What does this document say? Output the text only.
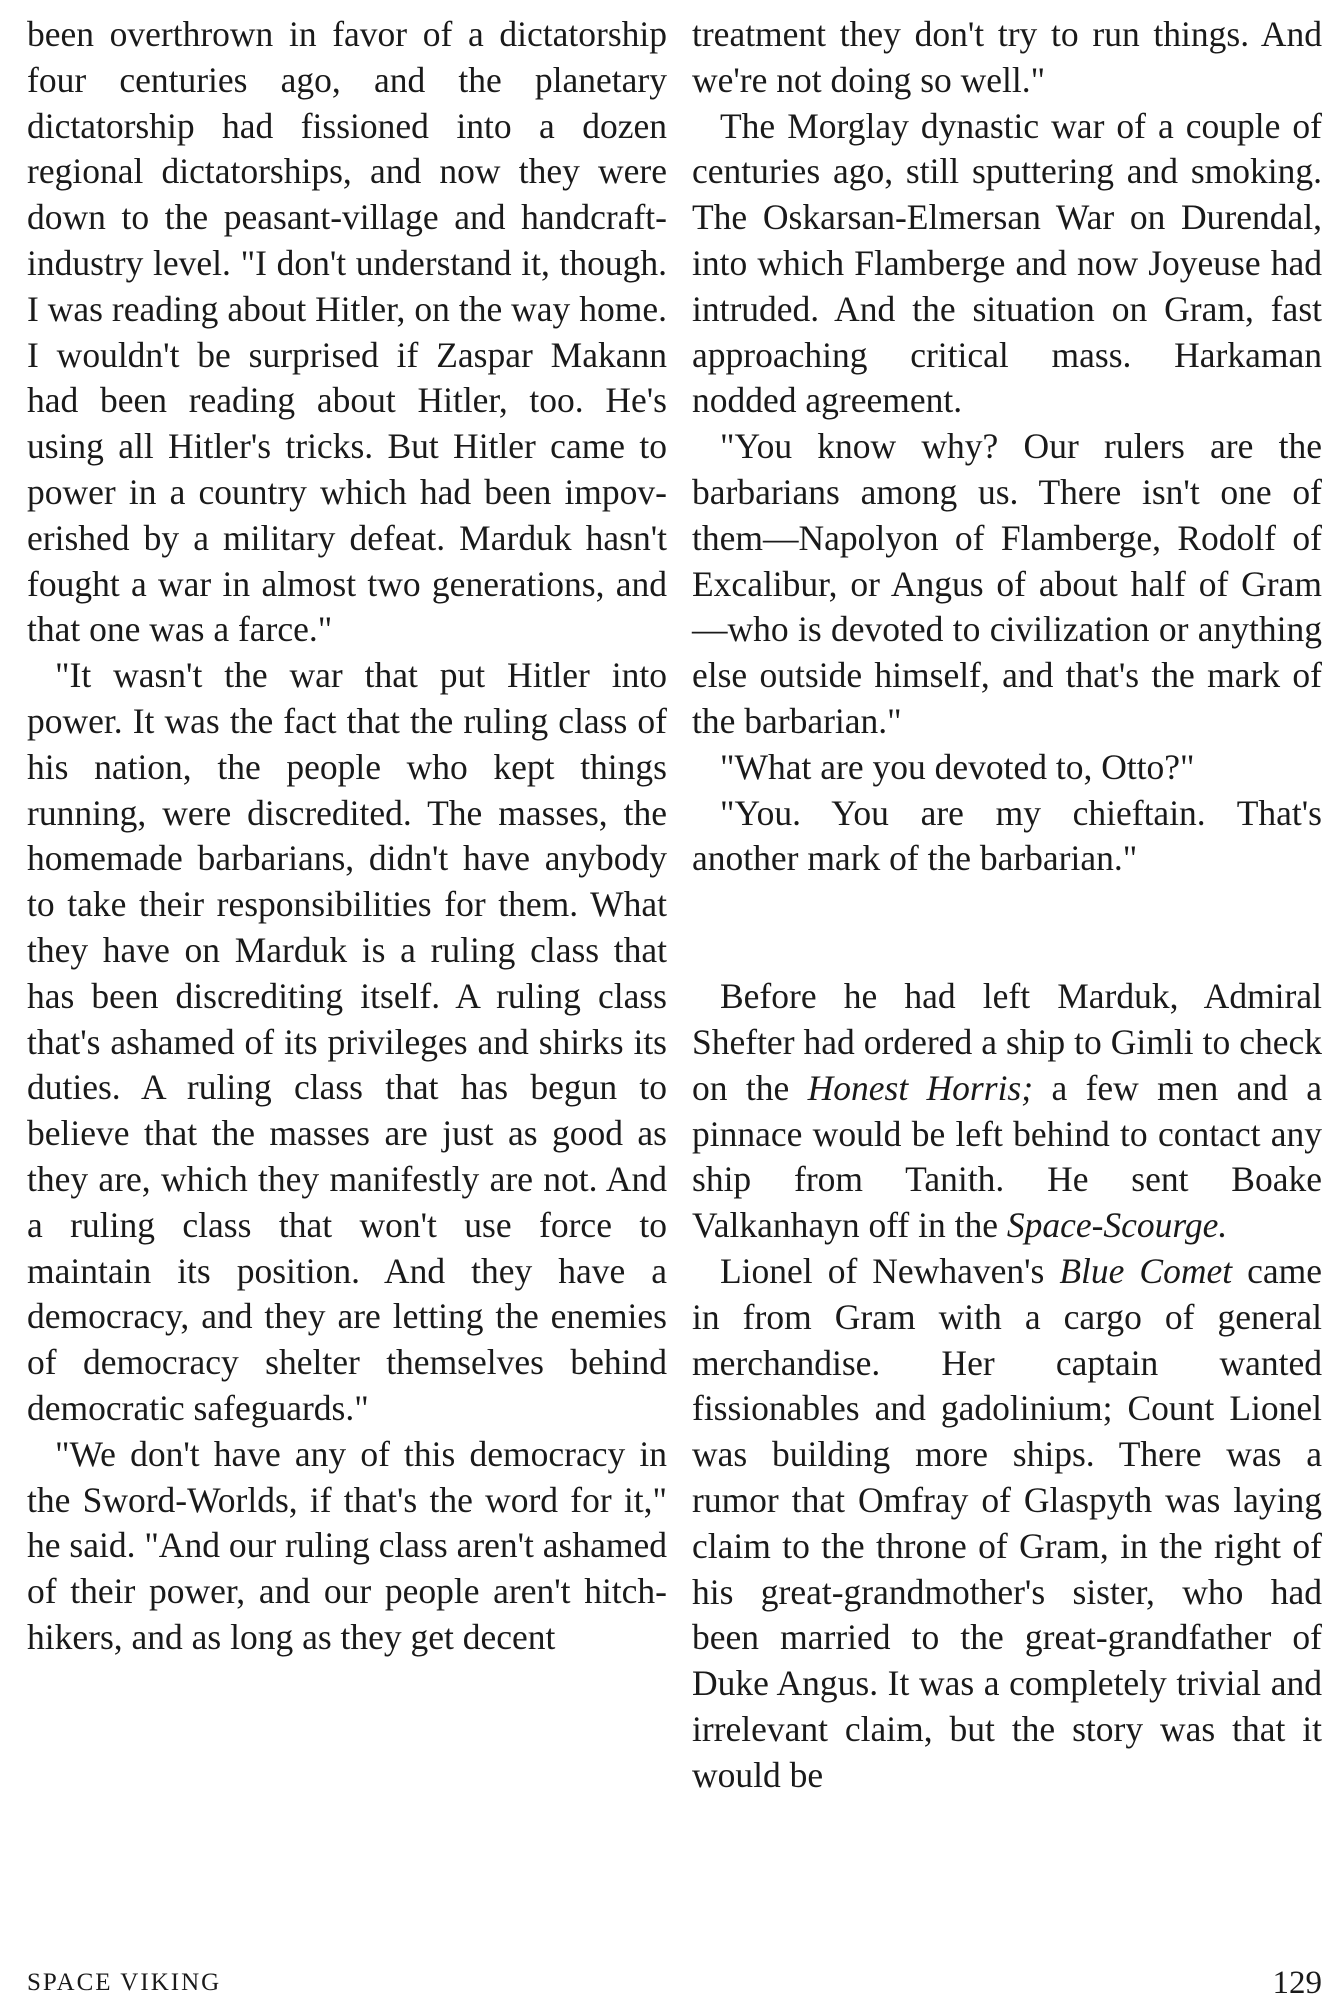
been overthrown in favor of a dictatorship four centuries ago, and the planetary dictatorship had fissioned into a dozen regional dictatorships, and now they were down to the peasant-village and handcraft-industry level. "I don't understand it, though. I was reading about Hitler, on the way home. I wouldn't be surprised if Zaspar Makann had been reading about Hitler, too. He's using all Hitler's tricks. But Hitler came to power in a country which had been impoverished by a military defeat. Marduk hasn't fought a war in almost two generations, and that one was a farce."

"It wasn't the war that put Hitler into power. It was the fact that the ruling class of his nation, the people who kept things running, were discredited. The masses, the homemade barbarians, didn't have anybody to take their responsibilities for them. What they have on Marduk is a ruling class that has been discrediting itself. A ruling class that's ashamed of its privileges and shirks its duties. A ruling class that has begun to believe that the masses are just as good as they are, which they manifestly are not. And a ruling class that won't use force to maintain its position. And they have a democracy, and they are letting the enemies of democracy shelter themselves behind democratic safeguards."

"We don't have any of this democracy in the Sword-Worlds, if that's the word for it," he said. "And our ruling class aren't ashamed of their power, and our people aren't hitchhikers, and as long as they get decent

treatment they don't try to run things. And we're not doing so well."

The Morglay dynastic war of a couple of centuries ago, still sputtering and smoking. The Oskarsan-Elmersan War on Durendal, into which Flamberge and now Joyeuse had intruded. And the situation on Gram, fast approaching critical mass. Harkaman nodded agreement.

"You know why? Our rulers are the barbarians among us. There isn't one of them—Napolyon of Flamberge, Rodolf of Excalibur, or Angus of about half of Gram—who is devoted to civilization or anything else outside himself, and that's the mark of the barbarian."

"What are you devoted to, Otto?"

"You. You are my chieftain. That's another mark of the barbarian."

Before he had left Marduk, Admiral Shefter had ordered a ship to Gimli to check on the Honest Horris; a few men and a pinnace would be left behind to contact any ship from Tanith. He sent Boake Valkanhayn off in the Space-Scourge.

Lionel of Newhaven's Blue Comet came in from Gram with a cargo of general merchandise. Her captain wanted fissionables and gadolinium; Count Lionel was building more ships. There was a rumor that Omfray of Glaspyth was laying claim to the throne of Gram, in the right of his great-grandmother's sister, who had been married to the great-grandfather of Duke Angus. It was a completely trivial and irrelevant claim, but the story was that it would be

SPACE VIKING	129
